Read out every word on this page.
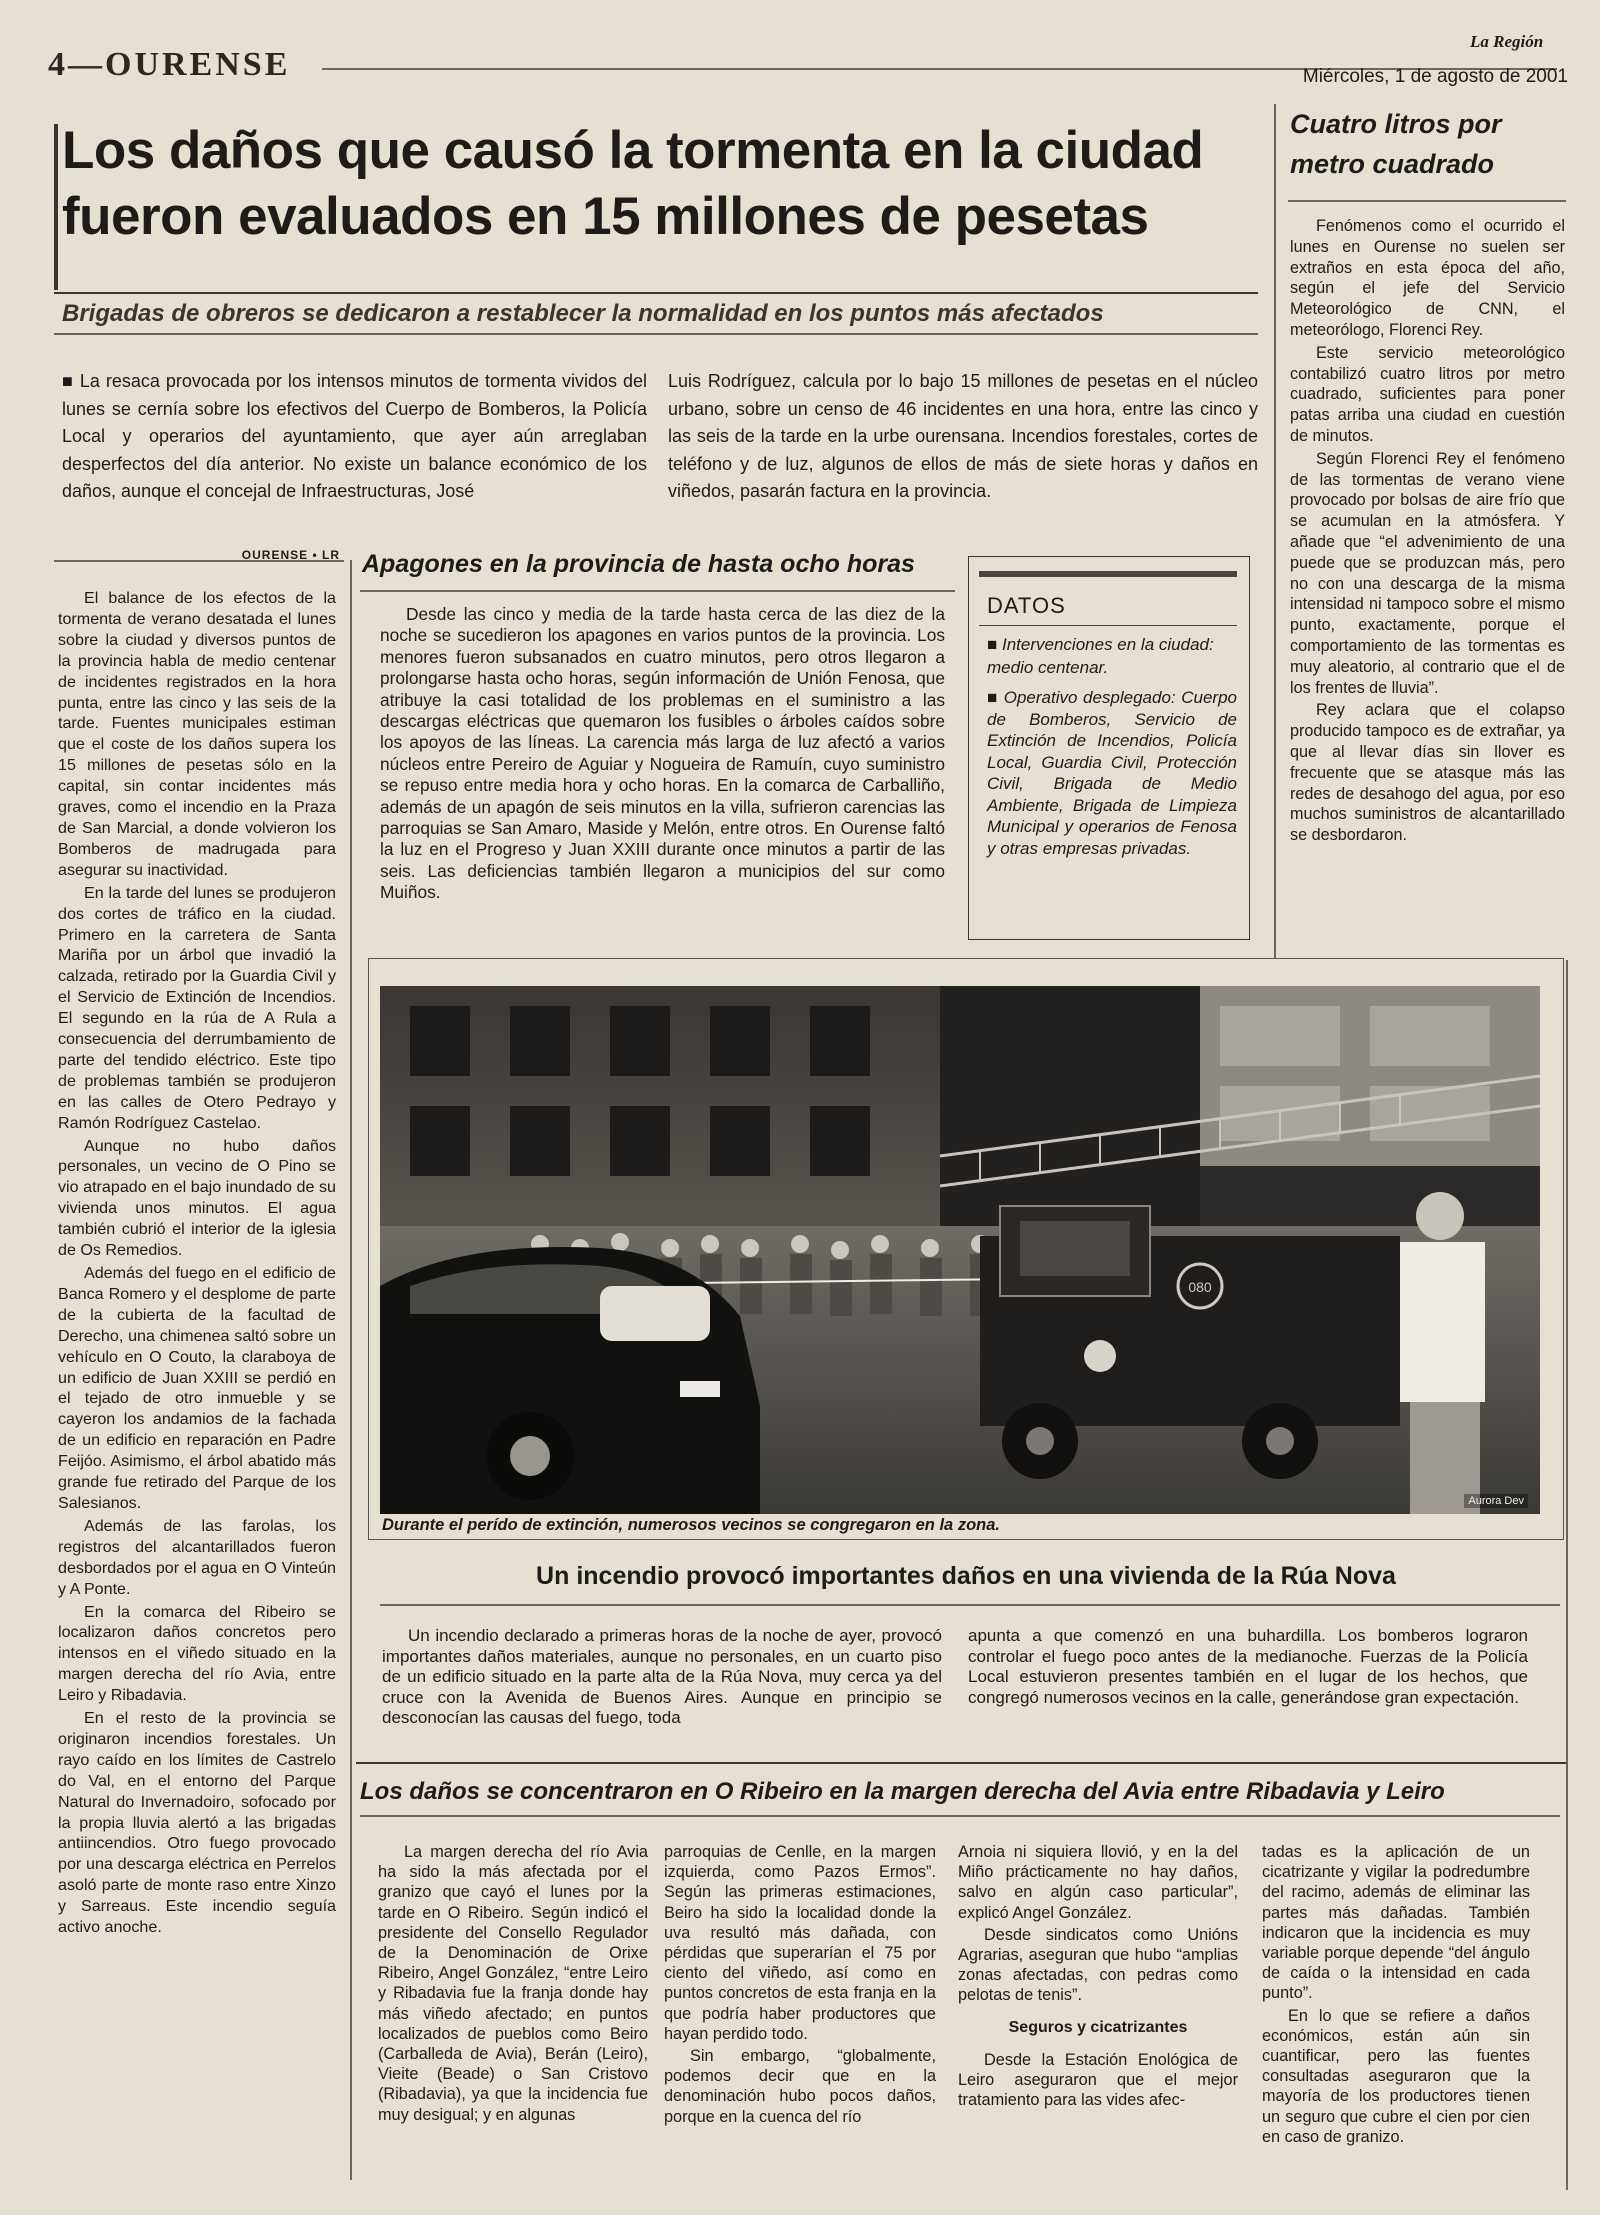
4—OURENSE
La Región
Miércoles, 1 de agosto de 2001
Los daños que causó la tormenta en la ciudad
fueron evaluados en 15 millones de pesetas
Brigadas de obreros se dedicaron a restablecer la normalidad en los puntos más afectados
■ La resaca provocada por los intensos minutos de tormenta vividos del lunes se cernía sobre los efectivos del Cuerpo de Bomberos, la Policía Local y operarios del ayuntamiento, que ayer aún arreglaban desperfectos del día anterior. No existe un balance económico de los daños, aunque el concejal de Infraestructuras, José
Luis Rodríguez, calcula por lo bajo 15 millones de pesetas en el núcleo urbano, sobre un censo de 46 incidentes en una hora, entre las cinco y las seis de la tarde en la urbe ourensana. Incendios forestales, cortes de teléfono y de luz, algunos de ellos de más de siete horas y daños en viñedos, pasarán factura en la provincia.
Cuatro litros por
metro cuadrado

Fenómenos como el ocurrido el lunes en Ourense no suelen ser extraños en esta época del año, según el jefe del Servicio Meteorológico de CNN, el meteorólogo, Florenci Rey.

Este servicio meteorológico contabilizó cuatro litros por metro cuadrado, suficientes para poner patas arriba una ciudad en cuestión de minutos.

Según Florenci Rey el fenómeno de las tormentas de verano viene provocado por bolsas de aire frío que se acumulan en la atmósfera. Y añade que “el advenimiento de una puede que se produzcan más, pero no con una descarga de la misma intensidad ni tampoco sobre el mismo punto, exactamente, porque el comportamiento de las tormentas es muy aleatorio, al contrario que el de los frentes de lluvia”.

Rey aclara que el colapso producido tampoco es de extrañar, ya que al llevar días sin llover es frecuente que se atasque más las redes de desahogo del agua, por eso muchos suministros de alcantarillado se desbordaron.

OURENSE • LR

El balance de los efectos de la tormenta de verano desatada el lunes sobre la ciudad y diversos puntos de la provincia habla de medio centenar de incidentes registrados en la hora punta, entre las cinco y las seis de la tarde. Fuentes municipales estiman que el coste de los daños supera los 15 millones de pesetas sólo en la capital, sin contar incidentes más graves, como el incendio en la Praza de San Marcial, a donde volvieron los Bomberos de madrugada para asegurar su inactividad.

En la tarde del lunes se produjeron dos cortes de tráfico en la ciudad. Primero en la carretera de Santa Mariña por un árbol que invadió la calzada, retirado por la Guardia Civil y el Servicio de Extinción de Incendios. El segundo en la rúa de A Rula a consecuencia del derrumbamiento de parte del tendido eléctrico. Este tipo de problemas también se produjeron en las calles de Otero Pedrayo y Ramón Rodríguez Castelao.

Aunque no hubo daños personales, un vecino de O Pino se vio atrapado en el bajo inundado de su vivienda unos minutos. El agua también cubrió el interior de la iglesia de Os Remedios.

Además del fuego en el edificio de Banca Romero y el desplome de parte de la cubierta de la facultad de Derecho, una chimenea saltó sobre un vehículo en O Couto, la claraboya de un edificio de Juan XXIII se perdió en el tejado de otro inmueble y se cayeron los andamios de la fachada de un edificio en reparación en Padre Feijóo. Asimismo, el árbol abatido más grande fue retirado del Parque de los Salesianos.

Además de las farolas, los registros del alcantarillados fueron desbordados por el agua en O Vinteún y A Ponte.

En la comarca del Ribeiro se localizaron daños concretos pero intensos en el viñedo situado en la margen derecha del río Avia, entre Leiro y Ribadavia.

En el resto de la provincia se originaron incendios forestales. Un rayo caído en los límites de Castrelo do Val, en el entorno del Parque Natural do Invernadoiro, sofocado por la propia lluvia alertó a las brigadas antiincendios. Otro fuego provocado por una descarga eléctrica en Perrelos asoló parte de monte raso entre Xinzo y Sarreaus. Este incendio seguía activo anoche.

Apagones en la provincia de hasta ocho horas

Desde las cinco y media de la tarde hasta cerca de las diez de la noche se sucedieron los apagones en varios puntos de la provincia. Los menores fueron subsanados en cuatro minutos, pero otros llegaron a prolongarse hasta ocho horas, según información de Unión Fenosa, que atribuye la casi totalidad de los problemas en el suministro a las descargas eléctricas que quemaron los fusibles o árboles caídos sobre los apoyos de las líneas. La carencia más larga de luz afectó a varios núcleos entre Pereiro de Aguiar y Nogueira de Ramuín, cuyo suministro se repuso entre media hora y ocho horas. En la comarca de Carballiño, además de un apagón de seis minutos en la villa, sufrieron carencias las parroquias se San Amaro, Maside y Melón, entre otros. En Ourense faltó la luz en el Progreso y Juan XXIII durante once minutos a partir de las seis. Las deficiencias también llegaron a municipios del sur como Muiños.

DATOS
■ Intervenciones en la ciudad: medio centenar.
■ Operativo desplegado: Cuerpo de Bomberos, Servicio de Extinción de Incendios, Policía Local, Guardia Civil, Protección Civil, Brigada de Medio Ambiente, Brigada de Limpieza Municipal y operarios de Fenosa y otras empresas privadas.
080
Aurora Dev
Durante el perído de extinción, numerosos vecinos se congregaron en la zona.
Un incendio provocó importantes daños en una vivienda de la Rúa Nova

Un incendio declarado a primeras horas de la noche de ayer, provocó importantes daños materiales, aunque no personales, en un cuarto piso de un edificio situado en la parte alta de la Rúa Nova, muy cerca ya del cruce con la Avenida de Buenos Aires. Aunque en principio se desconocían las causas del fuego, toda

apunta a que comenzó en una buhardilla. Los bomberos lograron controlar el fuego poco antes de la medianoche. Fuerzas de la Policía Local estuvieron presentes también en el lugar de los hechos, que congregó numerosos vecinos en la calle, generándose gran expectación.

Los daños se concentraron en O Ribeiro en la margen derecha del Avia entre Ribadavia y Leiro

La margen derecha del río Avia ha sido la más afectada por el granizo que cayó el lunes por la tarde en O Ribeiro. Según indicó el presidente del Consello Regulador de la Denominación de Orixe Ribeiro, Angel González, “entre Leiro y Ribadavia fue la franja donde hay más viñedo afectado; en puntos localizados de pueblos como Beiro (Carballeda de Avia), Berán (Leiro), Vieite (Beade) o San Cristovo (Ribadavia), ya que la incidencia fue muy desigual; y en algunas

parroquias de Cenlle, en la margen izquierda, como Pazos Ermos”. Según las primeras estimaciones, Beiro ha sido la localidad donde la uva resultó más dañada, con pérdidas que superarían el 75 por ciento del viñedo, así como en puntos concretos de esta franja en la que podría haber productores que hayan perdido todo.

Sin embargo, “globalmente, podemos decir que en la denominación hubo pocos daños, porque en la cuenca del río

Arnoia ni siquiera llovió, y en la del Miño prácticamente no hay daños, salvo en algún caso particular”, explicó Angel González.

Desde sindicatos como Unións Agrarias, aseguran que hubo “amplias zonas afectadas, con pedras como pelotas de tenis”.

Seguros y cicatrizantes

Desde la Estación Enológica de Leiro aseguraron que el mejor tratamiento para las vides afec-

tadas es la aplicación de un cicatrizante y vigilar la podredumbre del racimo, además de eliminar las partes más dañadas. También indicaron que la incidencia es muy variable porque depende “del ángulo de caída o la intensidad en cada punto”.

En lo que se refiere a daños económicos, están aún sin cuantificar, pero las fuentes consultadas aseguraron que la mayoría de los productores tienen un seguro que cubre el cien por cien en caso de granizo.
